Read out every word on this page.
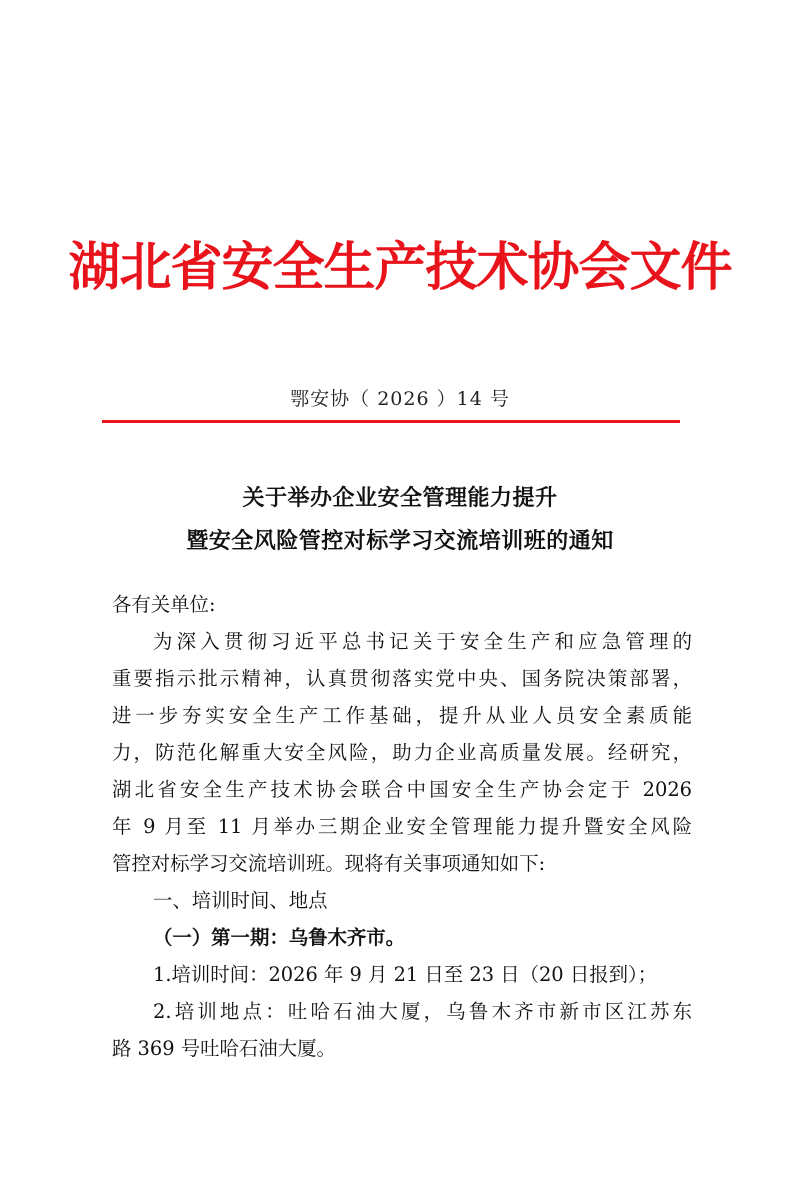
湖北省安全生产技术协会文件
鄂安协（ 2026 ）14 号
关于举办企业安全管理能力提升
暨安全风险管控对标学习交流培训班的通知
各有关单位:
为深入贯彻习近平总书记关于安全生产和应急管理的
重要指示批示精神，认真贯彻落实党中央、国务院决策部署，
进一步夯实安全生产工作基础，提升从业人员安全素质能
力，防范化解重大安全风险，助力企业高质量发展。经研究，
湖北省安全生产技术协会联合中国安全生产协会定于 2026
年 9 月至 11 月举办三期企业安全管理能力提升暨安全风险
管控对标学习交流培训班。现将有关事项通知如下:
一、培训时间、地点
（一）第一期：乌鲁木齐市。
1.培训时间：2026 年 9 月 21 日至 23 日（20 日报到）；
2.培训地点：吐哈石油大厦，乌鲁木齐市新市区江苏东
路 369 号吐哈石油大厦。
